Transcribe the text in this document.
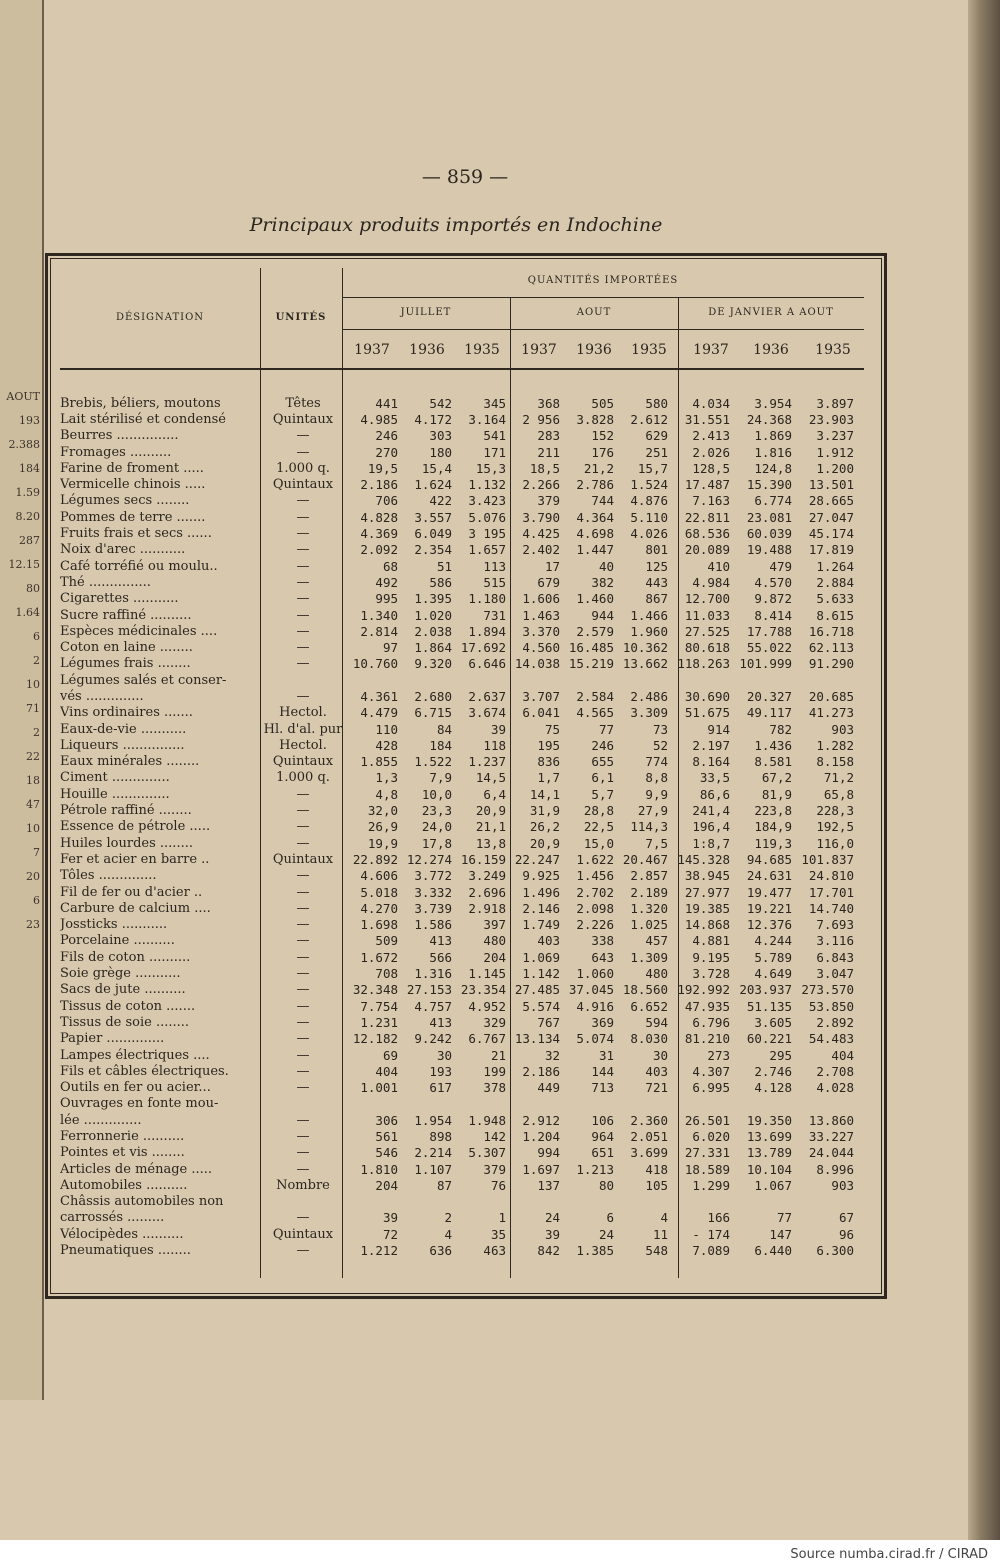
AOUT
193
2.388
184
1.59
8.20
287
12.15
80
1.64
6
2
10
71
2
22
18
47
10
7
20
6
23
— 859 —
Principaux produits importés en Indochine
DÉSIGNATION	UNITÉS
QUANTITÉS IMPORTÉES
JUILLET	AOUT	DE JANVIER A AOUT
1937	1936	1935	1937	1936	1935	1937	1936	1935
Brebis, béliers, moutons	Têtes	441	542	345	368	505	580	4.034	3.954	3.897
Lait stérilisé et condensé	Quintaux	4.985	4.172	3.164	2 956	3.828	2.612	31.551	24.368	23.903
Beurres ...............	—	246	303	541	283	152	629	2.413	1.869	3.237
Fromages ..........	—	270	180	171	211	176	251	2.026	1.816	1.912
Farine de froment .....	1.000 q.	19,5	15,4	15,3	18,5	21,2	15,7	128,5	124,8	1.200
Vermicelle chinois .....	Quintaux	2.186	1.624	1.132	2.266	2.786	1.524	17.487	15.390	13.501
Légumes secs ........	—	706	422	3.423	379	744	4.876	7.163	6.774	28.665
Pommes de terre .......	—	4.828	3.557	5.076	3.790	4.364	5.110	22.811	23.081	27.047
Fruits frais et secs ......	—	4.369	6.049	3 195	4.425	4.698	4.026	68.536	60.039	45.174
Noix d'arec ...........	—	2.092	2.354	1.657	2.402	1.447	801	20.089	19.488	17.819
Café torréfié ou moulu..	—	68	51	113	17	40	125	410	479	1.264
Thé ...............	—	492	586	515	679	382	443	4.984	4.570	2.884
Cigarettes ...........	—	995	1.395	1.180	1.606	1.460	867	12.700	9.872	5.633
Sucre raffiné ..........	—	1.340	1.020	731	1.463	944	1.466	11.033	8.414	8.615
Espèces médicinales ....	—	2.814	2.038	1.894	3.370	2.579	1.960	27.525	17.788	16.718
Coton en laine ........	—	97	1.864	17.692	4.560	16.485	10.362	80.618	55.022	62.113
Légumes frais ........	—	10.760	9.320	6.646	14.038	15.219	13.662	118.263	101.999	91.290
Légumes salés et conser-										
vés ..............	—	4.361	2.680	2.637	3.707	2.584	2.486	30.690	20.327	20.685
Vins ordinaires .......	Hectol.	4.479	6.715	3.674	6.041	4.565	3.309	51.675	49.117	41.273
Eaux-de-vie ...........	Hl. d'al. pur	110	84	39	75	77	73	914	782	903
Liqueurs ...............	Hectol.	428	184	118	195	246	52	2.197	1.436	1.282
Eaux minérales ........	Quintaux	1.855	1.522	1.237	836	655	774	8.164	8.581	8.158
Ciment ..............	1.000 q.	1,3	7,9	14,5	1,7	6,1	8,8	33,5	67,2	71,2
Houille ..............	—	4,8	10,0	6,4	14,1	5,7	9,9	86,6	81,9	65,8
Pétrole raffiné ........	—	32,0	23,3	20,9	31,9	28,8	27,9	241,4	223,8	228,3
Essence de pétrole .....	—	26,9	24,0	21,1	26,2	22,5	114,3	196,4	184,9	192,5
Huiles lourdes ........	—	19,9	17,8	13,8	20,9	15,0	7,5	1:8,7	119,3	116,0
Fer et acier en barre ..	Quintaux	22.892	12.274	16.159	22.247	1.622	20.467	145.328	94.685	101.837
Tôles ..............	—	4.606	3.772	3.249	9.925	1.456	2.857	38.945	24.631	24.810
Fil de fer ou d'acier ..	—	5.018	3.332	2.696	1.496	2.702	2.189	27.977	19.477	17.701
Carbure de calcium ....	—	4.270	3.739	2.918	2.146	2.098	1.320	19.385	19.221	14.740
Jossticks ...........	—	1.698	1.586	397	1.749	2.226	1.025	14.868	12.376	7.693
Porcelaine ..........	—	509	413	480	403	338	457	4.881	4.244	3.116
Fils de coton ..........	—	1.672	566	204	1.069	643	1.309	9.195	5.789	6.843
Soie grège ...........	—	708	1.316	1.145	1.142	1.060	480	3.728	4.649	3.047
Sacs de jute ..........	—	32.348	27.153	23.354	27.485	37.045	18.560	192.992	203.937	273.570
Tissus de coton .......	—	7.754	4.757	4.952	5.574	4.916	6.652	47.935	51.135	53.850
Tissus de soie ........	—	1.231	413	329	767	369	594	6.796	3.605	2.892
Papier ..............	—	12.182	9.242	6.767	13.134	5.074	8.030	81.210	60.221	54.483
Lampes électriques ....	—	69	30	21	32	31	30	273	295	404
Fils et câbles électriques.	—	404	193	199	2.186	144	403	4.307	2.746	2.708
Outils en fer ou acier...	—	1.001	617	378	449	713	721	6.995	4.128	4.028
Ouvrages en fonte mou-										
lée ..............	—	306	1.954	1.948	2.912	106	2.360	26.501	19.350	13.860
Ferronnerie ..........	—	561	898	142	1.204	964	2.051	6.020	13.699	33.227
Pointes et vis ........	—	546	2.214	5.307	994	651	3.699	27.331	13.789	24.044
Articles de ménage .....	—	1.810	1.107	379	1.697	1.213	418	18.589	10.104	8.996
Automobiles ..........	Nombre	204	87	76	137	80	105	1.299	1.067	903
Châssis automobiles non										
carrossés .........	—	39	2	1	24	6	4	166	77	67
Vélocipèdes ..........	Quintaux	72	4	35	39	24	11	- 174	147	96
Pneumatiques ........	—	1.212	636	463	842	1.385	548	7.089	6.440	6.300
Source numba.cirad.fr / CIRAD
